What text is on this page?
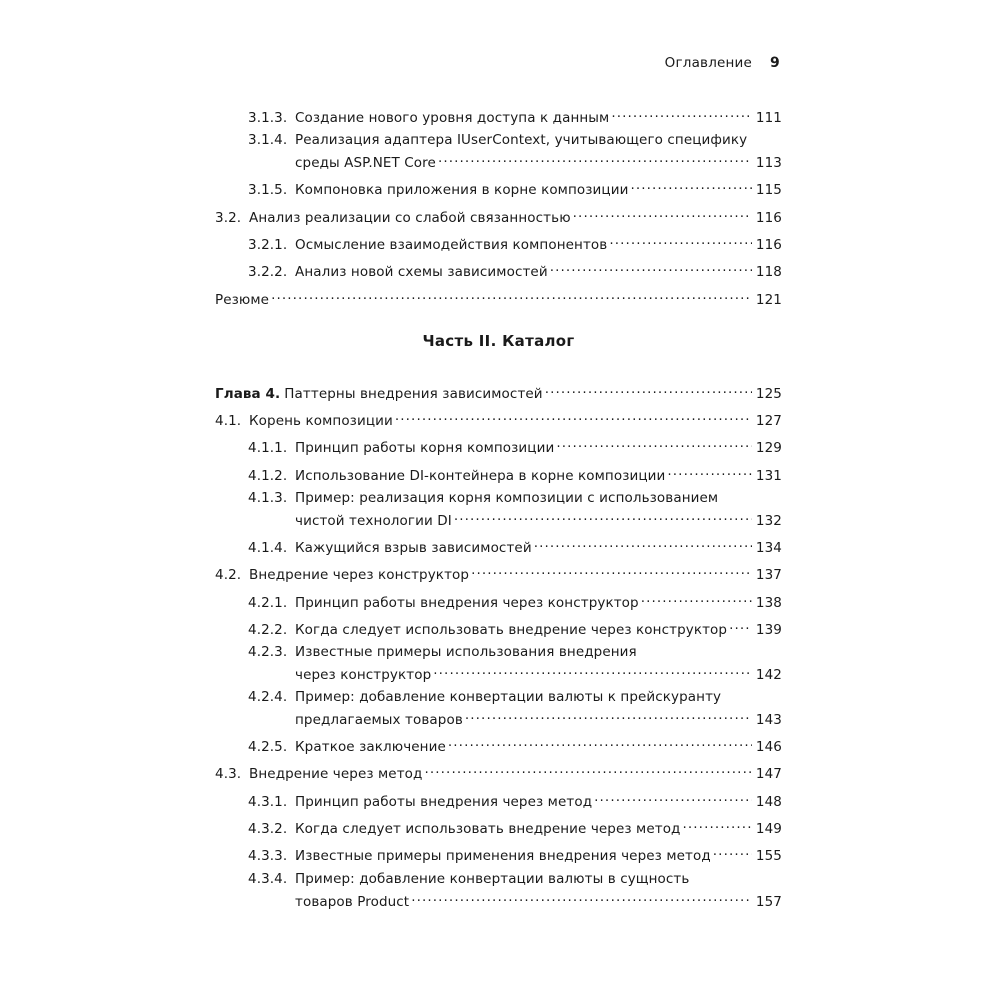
Оглавление 9
3.1.3. Создание нового уровня доступа к данным .....	111
3.1.4. Реализация адаптера IUserContext, учитывающего специфику
среды ASP.NET Core .....	113
3.1.5. Компоновка приложения в корне композиции .....	115
3.2. Анализ реализации со слабой связанностью .....	116
3.2.1. Осмысление взаимодействия компонентов .....	116
3.2.2. Анализ новой схемы зависимостей .....	118
Резюме .....	121
Часть II. Каталог
Глава 4. Паттерны внедрения зависимостей .....	125
4.1. Корень композиции .....	127
4.1.1. Принцип работы корня композиции .....	129
4.1.2. Использование DI-контейнера в корне композиции .....	131
4.1.3. Пример: реализация корня композиции с использованием
чистой технологии DI .....	132
4.1.4. Кажущийся взрыв зависимостей .....	134
4.2. Внедрение через конструктор .....	137
4.2.1. Принцип работы внедрения через конструктор .....	138
4.2.2. Когда следует использовать внедрение через конструктор ..... 139
4.2.3. Известные примеры использования внедрения
через конструктор .....	142
4.2.4. Пример: добавление конвертации валюты к прейскуранту
предлагаемых товаров .....	143
4.2.5. Краткое заключение .....	146
4.3. Внедрение через метод .....	147
4.3.1. Принцип работы внедрения через метод .....	148
4.3.2. Когда следует использовать внедрение через метод .....	149
4.3.3. Известные примеры применения внедрения через метод .....	155
4.3.4. Пример: добавление конвертации валюты в сущность
товаров Product .....	157
